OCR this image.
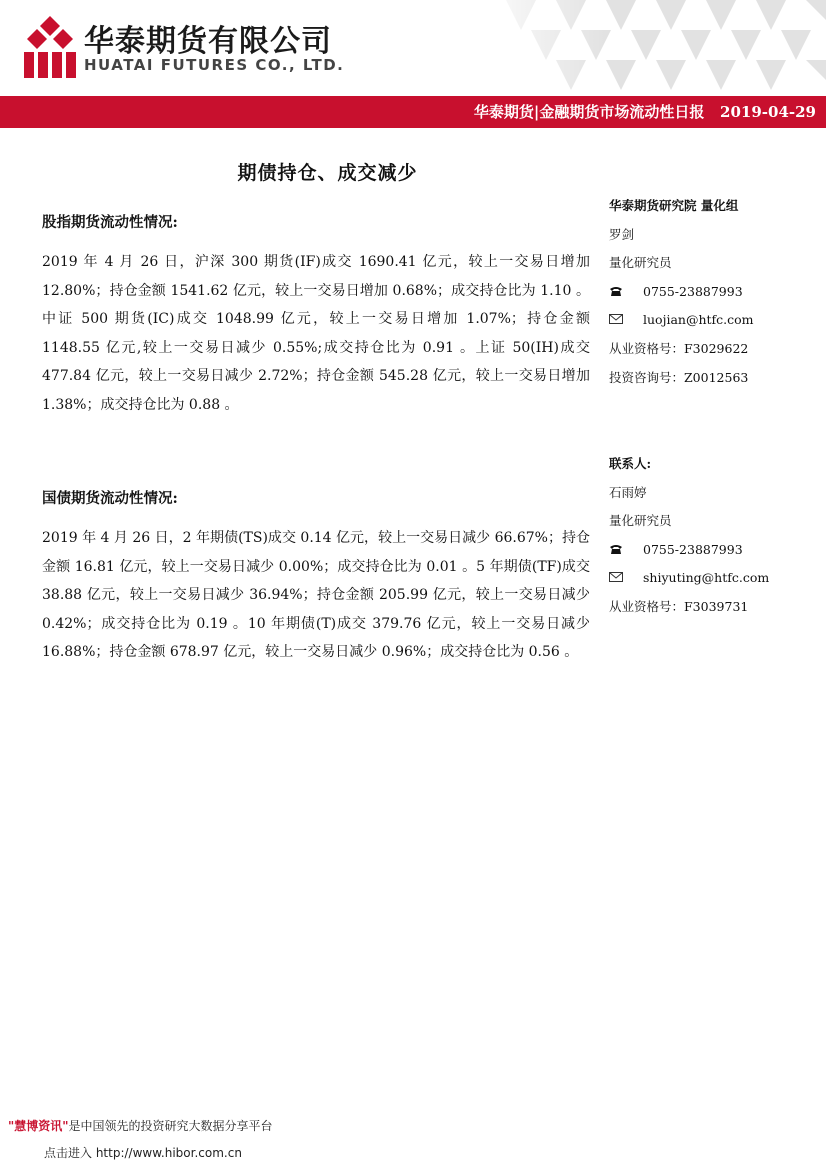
华泰期货有限公司
HUATAI FUTURES CO., LTD.
华泰期货|金融期货市场流动性日报   2019-04-29
期债持仓、成交减少
股指期货流动性情况:
2019 年 4 月 26 日，沪深 300 期货(IF)成交 1690.41 亿元，较上一交易日增加 12.80%；持仓金额 1541.62 亿元，较上一交易日增加 0.68%；成交持仓比为 1.10 。中证 500 期货(IC)成交 1048.99 亿元，较上一交易日增加 1.07%；持仓金额 1148.55 亿元,较上一交易日减少 0.55%;成交持仓比为 0.91 。上证 50(IH)成交 477.84 亿元，较上一交易日减少 2.72%；持仓金额 545.28 亿元，较上一交易日增加 1.38%；成交持仓比为 0.88 。
国债期货流动性情况:
2019 年 4 月 26 日，2 年期债(TS)成交 0.14 亿元，较上一交易日减少 66.67%；持仓金额 16.81 亿元，较上一交易日减少 0.00%；成交持仓比为 0.01 。5 年期债(TF)成交 38.88 亿元，较上一交易日减少 36.94%；持仓金额 205.99 亿元，较上一交易日减少 0.42%；成交持仓比为 0.19 。10 年期债(T)成交 379.76 亿元，较上一交易日减少 16.88%；持仓金额 678.97 亿元，较上一交易日减少 0.96%；成交持仓比为 0.56 。
华泰期货研究院 量化组
罗剑
量化研究员
0755-23887993
luojian@htfc.com
从业资格号：F3029622
投资咨询号：Z0012563
联系人:
石雨婷
量化研究员
0755-23887993
shiyuting@htfc.com
从业资格号：F3039731
"慧博资讯"是中国领先的投资研究大数据分享平台
点击进入 http://www.hibor.com.cn
